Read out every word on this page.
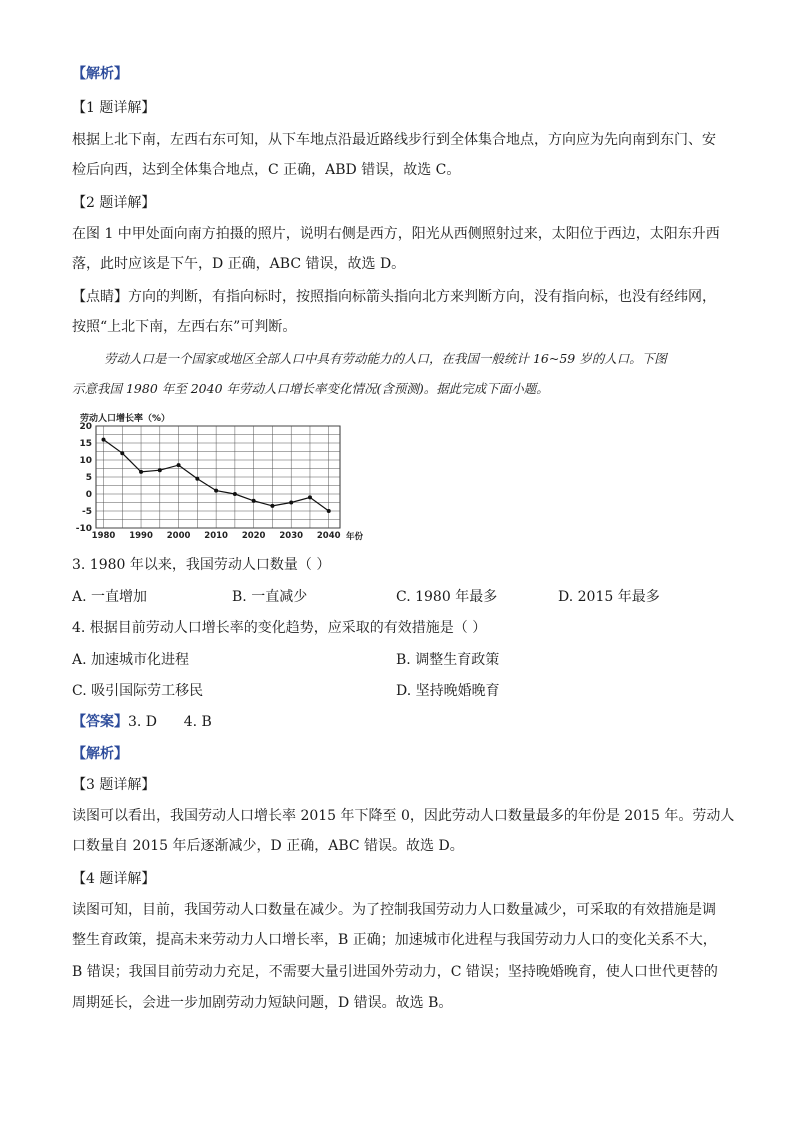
【解析】
【1 题详解】
根据上北下南，左西右东可知，从下车地点沿最近路线步行到全体集合地点，方向应为先向南到东门、安
检后向西，达到全体集合地点，C 正确，ABD 错误，故选 C。
【2 题详解】
在图 1 中甲处面向南方拍摄的照片，说明右侧是西方，阳光从西侧照射过来，太阳位于西边，太阳东升西
落，此时应该是下午，D 正确，ABC 错误，故选 D。
【点睛】方向的判断，有指向标时，按照指向标箭头指向北方来判断方向，没有指向标，也没有经纬网，
按照“上北下南，左西右东”可判断。
劳动人口是一个国家或地区全部人口中具有劳动能力的人口，在我国一般统计 16~59 岁的人口。下图
示意我国 1980 年至 2040 年劳动人口增长率变化情况(含预测)。据此完成下面小题。
劳动人口增长率（%）
20
15
10
5
0
-5
-10
1980 1990 2000 2010 2020 2030 2040 年份
3. 1980 年以来，我国劳动人口数量（ ）
A. 一直增加	B. 一直减少	C. 1980 年最多	D. 2015 年最多
4. 根据目前劳动人口增长率的变化趋势，应采取的有效措施是（ ）
A. 加速城市化进程	B. 调整生育政策
C. 吸引国际劳工移民	D. 坚持晚婚晚育
【答案】3. D      4. B
【解析】
【3 题详解】
读图可以看出，我国劳动人口增长率 2015 年下降至 0，因此劳动人口数量最多的年份是 2015 年。劳动人
口数量自 2015 年后逐渐减少，D 正确，ABC 错误。故选 D。
【4 题详解】
读图可知，目前，我国劳动人口数量在减少。为了控制我国劳动力人口数量减少，可采取的有效措施是调
整生育政策，提高未来劳动力人口增长率，B 正确；加速城市化进程与我国劳动力人口的变化关系不大，
B 错误；我国目前劳动力充足，不需要大量引进国外劳动力，C 错误；坚持晚婚晚育，使人口世代更替的
周期延长，会进一步加剧劳动力短缺问题，D 错误。故选 B。
